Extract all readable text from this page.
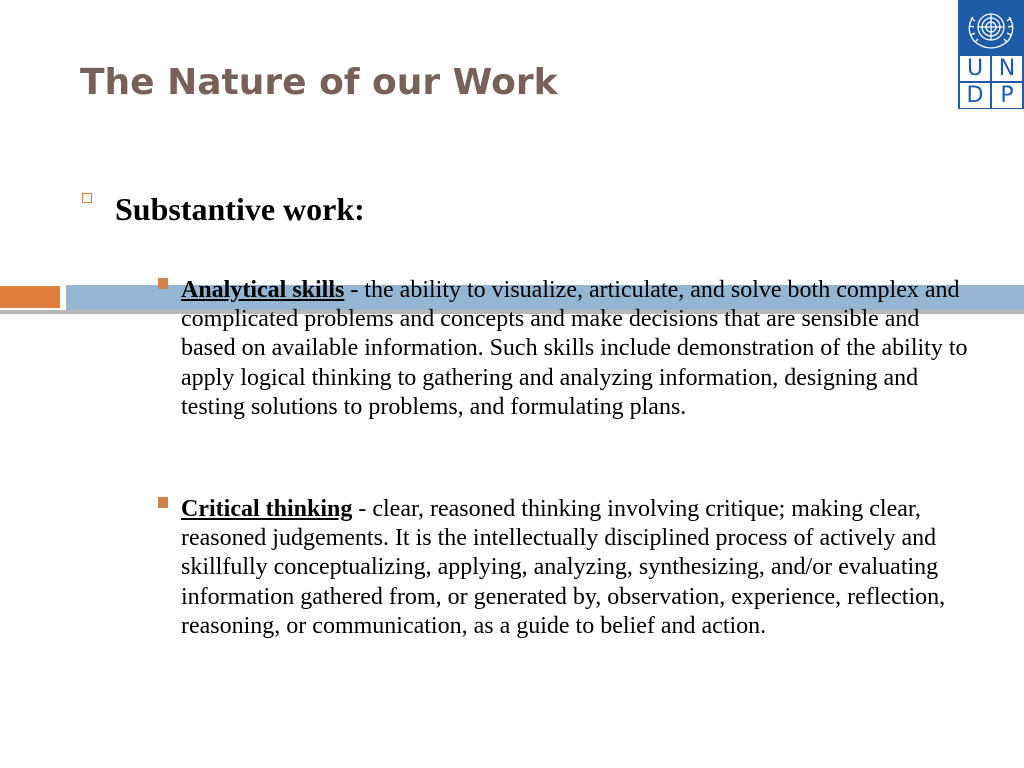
The Nature of our Work	U N
D P
Substantive work:

Analytical skills - the ability to visualize, articulate, and solve both complex and complicated problems and concepts and make decisions that are sensible and based on available information. Such skills include demonstration of the ability to apply logical thinking to gathering and analyzing information, designing and testing solutions to problems, and formulating plans.

Critical thinking - clear, reasoned thinking involving critique; making clear, reasoned judgements. It is the intellectually disciplined process of actively and skillfully conceptualizing, applying, analyzing, synthesizing, and/or evaluating information gathered from, or generated by, observation, experience, reflection, reasoning, or communication, as a guide to belief and action.
